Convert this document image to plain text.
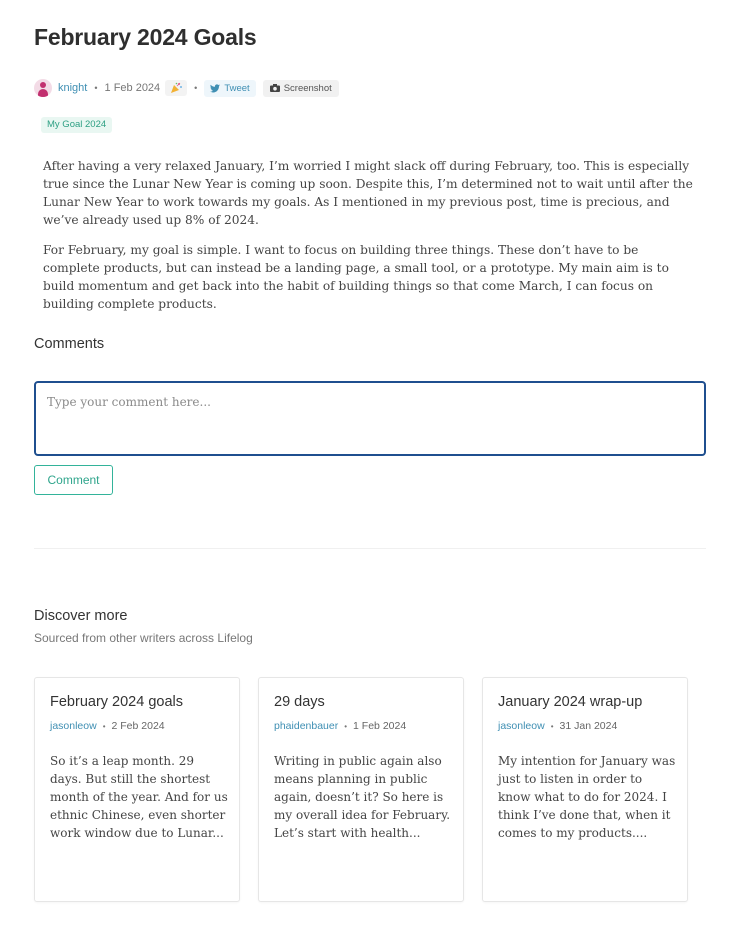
February 2024 Goals
knight • 1 Feb 2024	•	Tweet	Screenshot
My Goal 2024

After having a very relaxed January, I’m worried I might slack off during February, too. This is especially true since the Lunar New Year is coming up soon. Despite this, I’m determined not to wait until after the Lunar New Year to work towards my goals. As I mentioned in my previous post, time is precious, and we’ve already used up 8% of 2024.

For February, my goal is simple. I want to focus on building three things. These don’t have to be complete products, but can instead be a landing page, a small tool, or a prototype. My main aim is to build momentum and get back into the habit of building things so that come March, I can focus on building complete products.

Comments
Type your comment here...
Comment
Discover more
Sourced from other writers across Lifelog
February 2024 goals
jasonleow • 2 Feb 2024
So it’s a leap month. 29 days. But still the shortest month of the year. And for us ethnic Chinese, even shorter work window due to Lunar...
29 days
phaidenbauer • 1 Feb 2024
Writing in public again also means planning in public again, doesn’t it? So here is my overall idea for February. Let’s start with health...
January 2024 wrap-up
jasonleow • 31 Jan 2024
My intention for January was just to listen in order to know what to do for 2024. I think I’ve done that, when it comes to my products....
